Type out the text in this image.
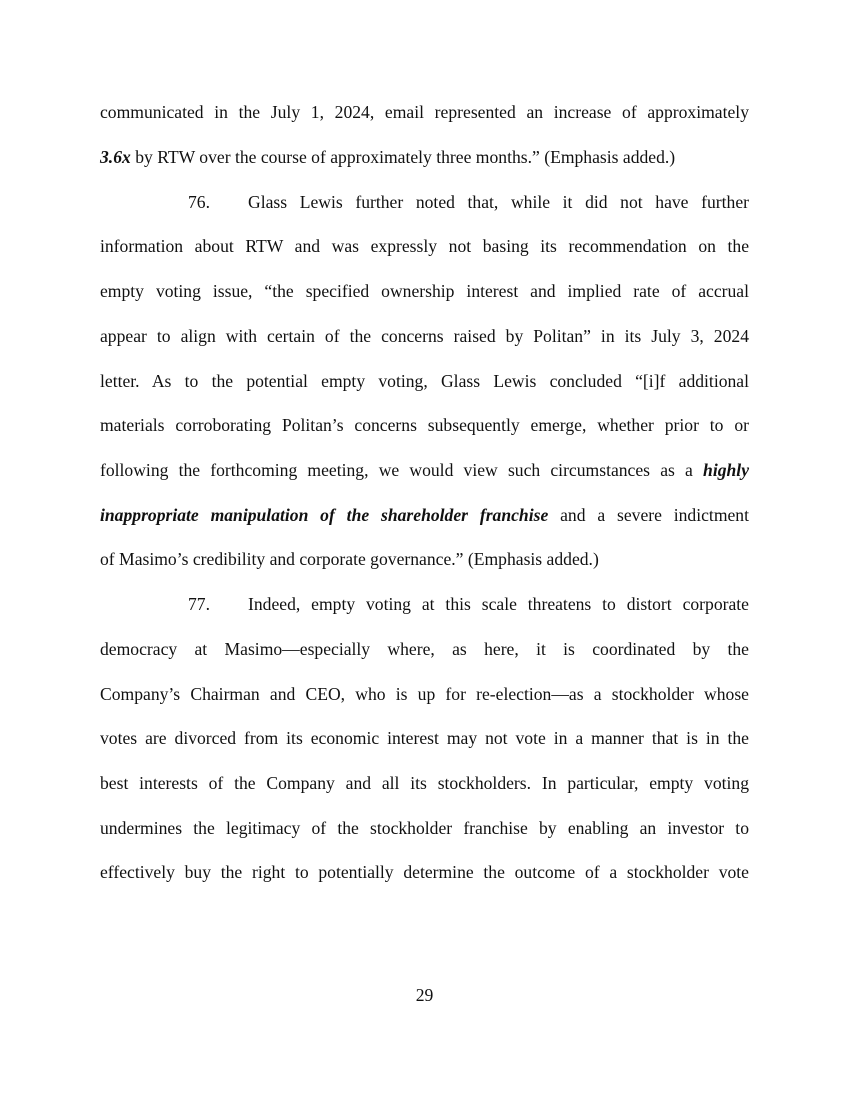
communicated in the July 1, 2024, email represented an increase of approximately
3.6x by RTW over the course of approximately three months.” (Emphasis added.)
76. Glass Lewis further noted that, while it did not have further
information about RTW and was expressly not basing its recommendation on the
empty voting issue, “the specified ownership interest and implied rate of accrual
appear to align with certain of the concerns raised by Politan” in its July 3, 2024
letter. As to the potential empty voting, Glass Lewis concluded “[i]f additional
materials corroborating Politan’s concerns subsequently emerge, whether prior to or
following the forthcoming meeting, we would view such circumstances as a highly
inappropriate manipulation of the shareholder franchise and a severe indictment
of Masimo’s credibility and corporate governance.” (Emphasis added.)
77. Indeed, empty voting at this scale threatens to distort corporate
democracy at Masimo—especially where, as here, it is coordinated by the
Company’s Chairman and CEO, who is up for re-election—as a stockholder whose
votes are divorced from its economic interest may not vote in a manner that is in the
best interests of the Company and all its stockholders. In particular, empty voting
undermines the legitimacy of the stockholder franchise by enabling an investor to
effectively buy the right to potentially determine the outcome of a stockholder vote
29
